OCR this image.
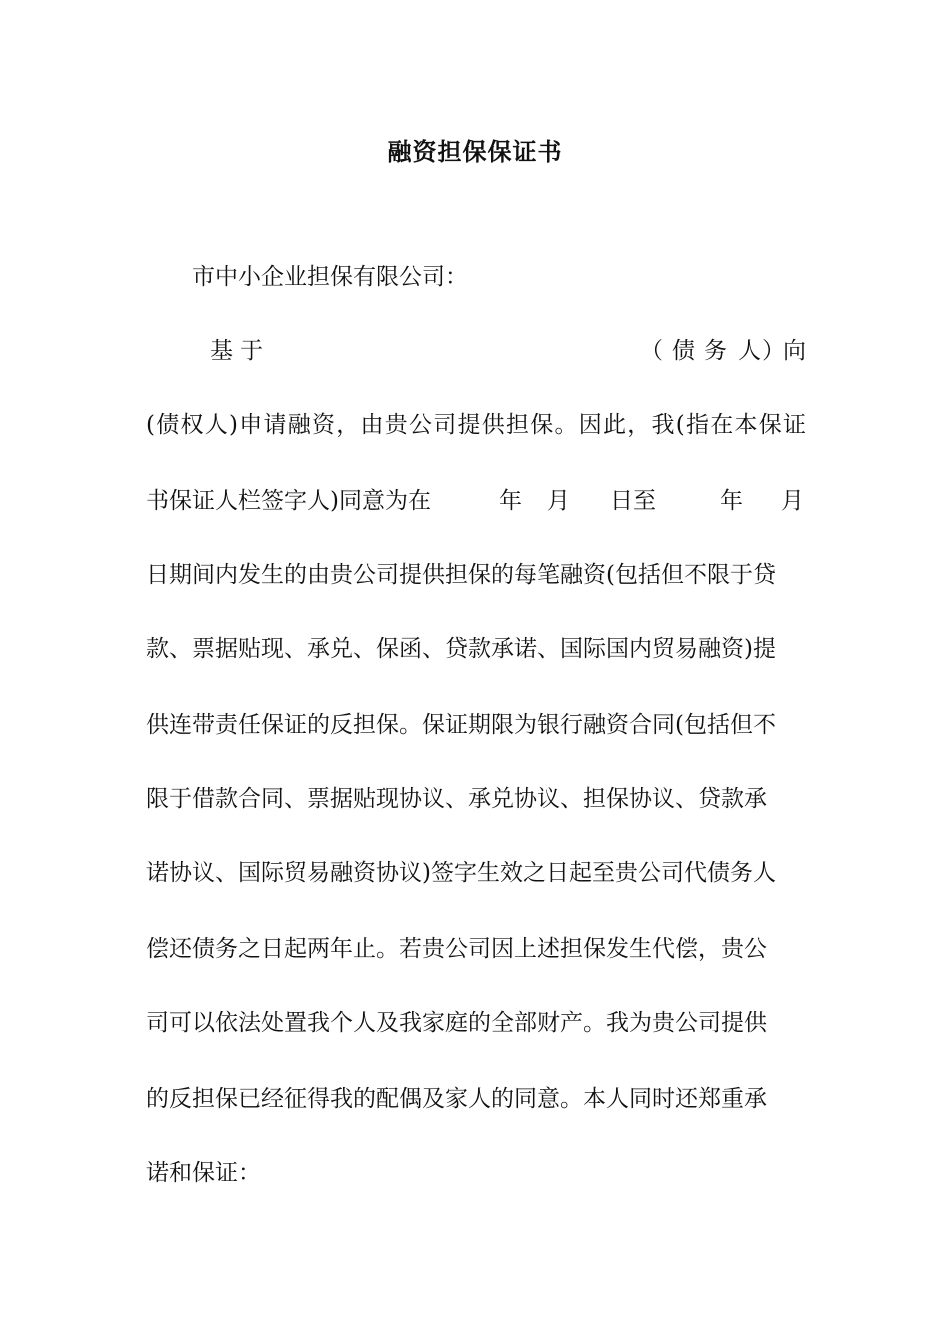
融资担保保证书
市中小企业担保有限公司：
基 于	（ 债 务 人 ）
向
( 债 权 人 ) 申 请 融 资 ， 由 贵 公 司 提 供 担 保 。 因 此 ， 我 ( 指 在 本 保 证
书保证人栏签字人)同意为在	年 月 日至	年 月
日期间内发生的由贵公司提供担保的每笔融资(包括但不限于贷
款、票据贴现、承兑、保函、贷款承诺、国际国内贸易融资)提
供连带责任保证的反担保。保证期限为银行融资合同(包括但不
限于借款合同、票据贴现协议、承兑协议、担保协议、贷款承
诺协议、国际贸易融资协议)签字生效之日起至贵公司代债务人
偿还债务之日起两年止。若贵公司因上述担保发生代偿，贵公
司可以依法处置我个人及我家庭的全部财产。我为贵公司提供
的反担保已经征得我的配偶及家人的同意。本人同时还郑重承
诺和保证：
